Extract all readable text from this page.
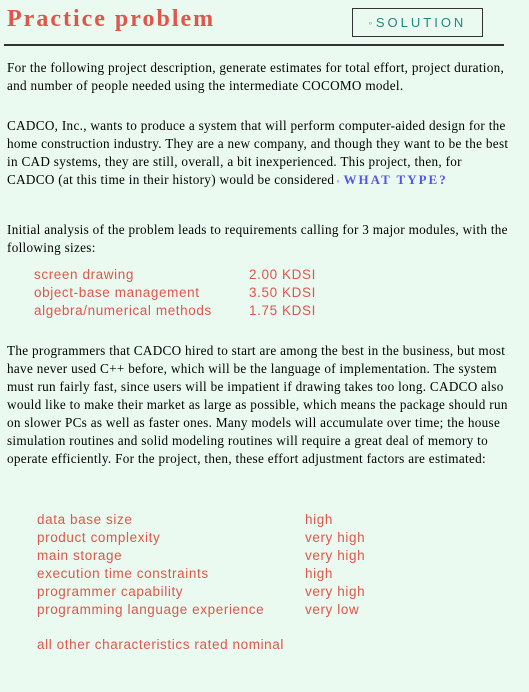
Practice problem	◦ SOLUTION
For the following project description, generate estimates for total effort, project duration, and number of people needed using the intermediate COCOMO model.
CADCO, Inc., wants to produce a system that will perform computer-aided design for the home construction industry. They are a new company, and though they want to be the best in CAD systems, they are still, overall, a bit inexperienced. This project, then, for CADCO (at this time in their history) would be considered ◦ WHAT TYPE?
Initial analysis of the problem leads to requirements calling for 3 major modules, with the following sizes:
screen drawing	2.00 KDSI
object-base management	3.50 KDSI
algebra/numerical methods	1.75 KDSI
The programmers that CADCO hired to start are among the best in the business, but most have never used C++ before, which will be the language of implementation. The system must run fairly fast, since users will be impatient if drawing takes too long. CADCO also would like to make their market as large as possible, which means the package should run on slower PCs as well as faster ones. Many models will accumulate over time; the house simulation routines and solid modeling routines will require a great deal of memory to operate efficiently. For the project, then, these effort adjustment factors are estimated:
data base size	high
product complexity	very high
main storage	very high
execution time constraints	high
programmer capability	very high
programming language experience	very low
all other characteristics rated nominal
